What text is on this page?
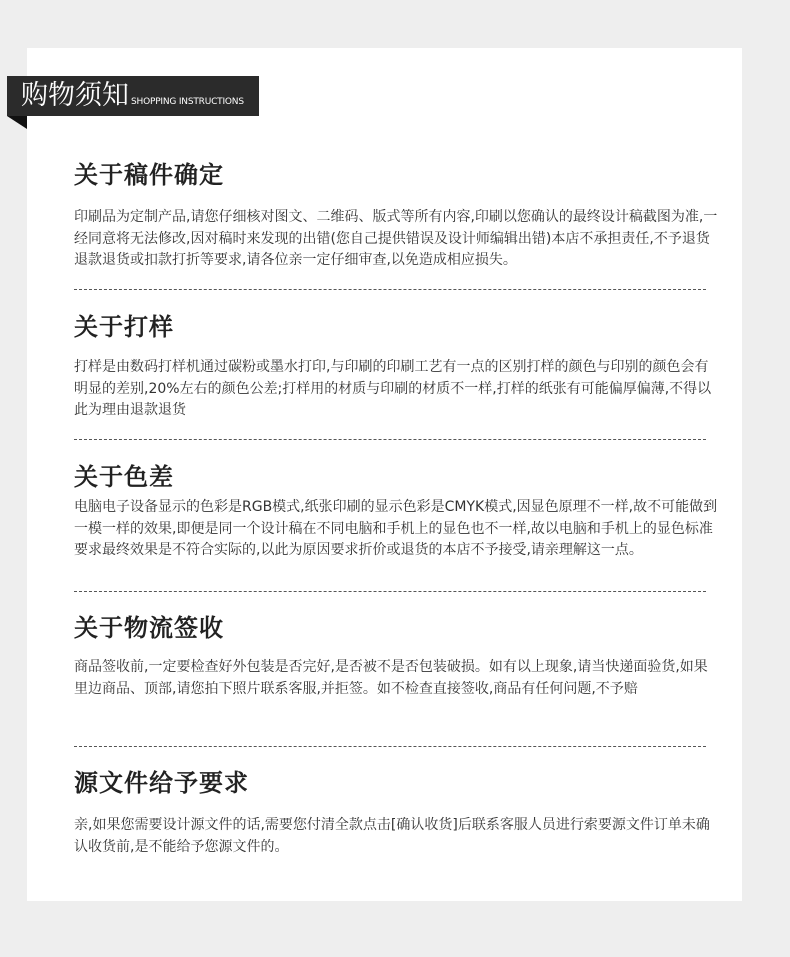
购物须知 SHOPPING INSTRUCTIONS
关于稿件确定

印刷品为定制产品,请您仔细核对图文、二维码、版式等所有内容,印刷以您确认的最终设计稿截图为准,一经同意将无法修改,因对稿时来发现的出错(您自己提供错误及设计师编辑出错)本店不承担责任,不予退货退款退货或扣款打折等要求,请各位亲一定仔细审查,以免造成相应损失。

关于打样

打样是由数码打样机通过碳粉或墨水打印,与印刷的印刷工艺有一点的区别打样的颜色与印别的颜色会有明显的差别,20%左右的颜色公差;打样用的材质与印刷的材质不一样,打样的纸张有可能偏厚偏薄,不得以此为理由退款退货

关于色差

电脑电子设备显示的色彩是RGB模式,纸张印刷的显示色彩是CMYK模式,因显色原理不一样,故不可能做到一模一样的效果,即便是同一个设计稿在不同电脑和手机上的显色也不一样,故以电脑和手机上的显色标准要求最终效果是不符合实际的,以此为原因要求折价或退货的本店不予接受,请亲理解这一点。

关于物流签收

商品签收前,一定要检查好外包装是否完好,是否被不是否包装破损。如有以上现象,请当快递面验货,如果里边商品、顶部,请您拍下照片联系客服,并拒签。如不检查直接签收,商品有任何问题,不予赔

源文件给予要求

亲,如果您需要设计源文件的话,需要您付清全款点击[确认收货]后联系客服人员进行索要源文件订单未确认收货前,是不能给予您源文件的。
